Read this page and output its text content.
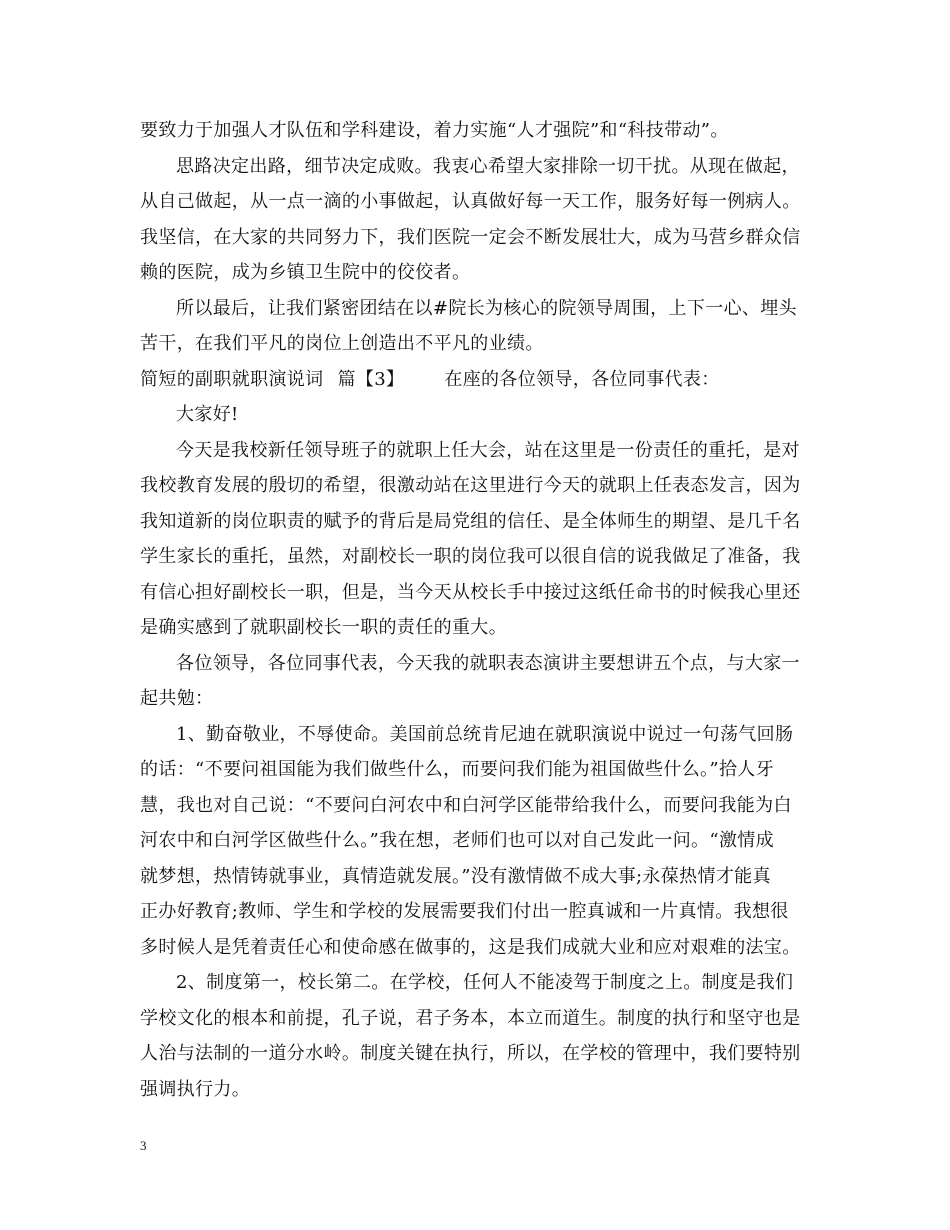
要致力于加强人才队伍和学科建设，着力实施“人才强院”和“科技带动”。
思路决定出路，细节决定成败。我衷心希望大家排除一切干扰。从现在做起，
从自己做起，从一点一滴的小事做起，认真做好每一天工作，服务好每一例病人。
我坚信，在大家的共同努力下，我们医院一定会不断发展壮大，成为马营乡群众信
赖的医院，成为乡镇卫生院中的佼佼者。
所以最后，让我们紧密团结在以#院长为核心的院领导周围，上下一心、埋头
苦干，在我们平凡的岗位上创造出不平凡的业绩。
简短的副职就职演说词 篇【3】 在座的各位领导，各位同事代表：
大家好!
今天是我校新任领导班子的就职上任大会，站在这里是一份责任的重托，是对
我校教育发展的殷切的希望，很激动站在这里进行今天的就职上任表态发言，因为
我知道新的岗位职责的赋予的背后是局党组的信任、是全体师生的期望、是几千名
学生家长的重托，虽然，对副校长一职的岗位我可以很自信的说我做足了准备，我
有信心担好副校长一职，但是，当今天从校长手中接过这纸任命书的时候我心里还
是确实感到了就职副校长一职的责任的重大。
各位领导，各位同事代表，今天我的就职表态演讲主要想讲五个点，与大家一
起共勉：
1、勤奋敬业，不辱使命。美国前总统肯尼迪在就职演说中说过一句荡气回肠
的话：“不要问祖国能为我们做些什么，而要问我们能为祖国做些什么。”拾人牙
慧，我也对自己说：“不要问白河农中和白河学区能带给我什么，而要问我能为白
河农中和白河学区做些什么。”我在想，老师们也可以对自己发此一问。“激情成
就梦想，热情铸就事业，真情造就发展。”没有激情做不成大事;永葆热情才能真
正办好教育;教师、学生和学校的发展需要我们付出一腔真诚和一片真情。我想很
多时候人是凭着责任心和使命感在做事的，这是我们成就大业和应对艰难的法宝。
2、制度第一，校长第二。在学校，任何人不能凌驾于制度之上。制度是我们
学校文化的根本和前提，孔子说，君子务本，本立而道生。制度的执行和坚守也是
人治与法制的一道分水岭。制度关键在执行，所以，在学校的管理中，我们要特别
强调执行力。
3
